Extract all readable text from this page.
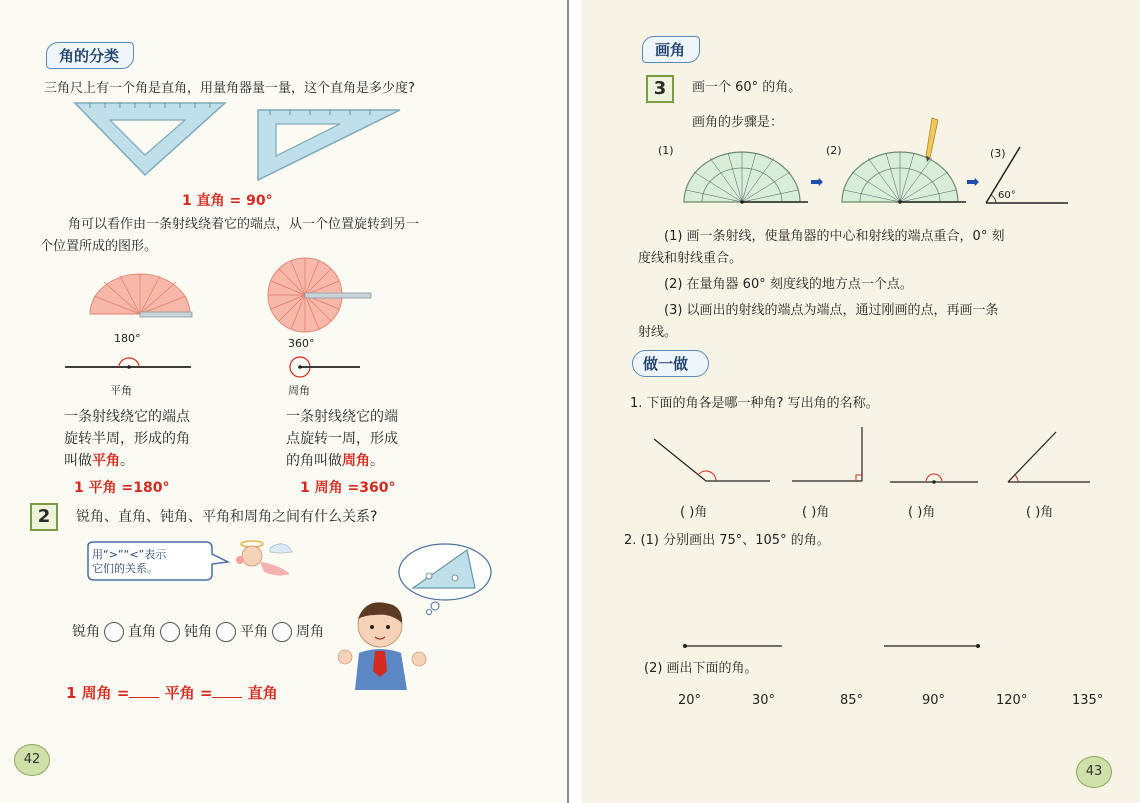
角的分类
三角尺上有一个角是直角，用量角器量一量，这个直角是多少度?
1 直角 = 90°
角可以看作由一条射线绕着它的端点，从一个位置旋转到另一
个位置所成的图形。
180°	360°
平角	周角
一条射线绕它的端点
旋转半周，形成的角
叫做平角。
一条射线绕它的端
点旋转一周，形成
的角叫做周角。
1 平角 =180°	1 周角 =360°
2	锐角、直角、钝角、平角和周角之间有什么关系?
用“>”“<”表示
它们的关系。
锐角 直角 钝角 平角 周角
1 周角 = 平角 = 直角
42
画角
3	画一个 60° 的角。
画角的步骤是：
(1)	(2)	(3)
➡	➡
60°
(1) 画一条射线，使量角器的中心和射线的端点重合，0° 刻
度线和射线重合。
(2) 在量角器 60° 刻度线的地方点一个点。
(3) 以画出的射线的端点为端点，通过刚画的点，再画一条
射线。
做一做
1. 下面的角各是哪一种角? 写出角的名称。
( )角	( )角	( )角	( )角
2. (1) 分别画出 75°、105° 的角。
(2) 画出下面的角。
20°	30°	85°	90°	120°	135°
43
